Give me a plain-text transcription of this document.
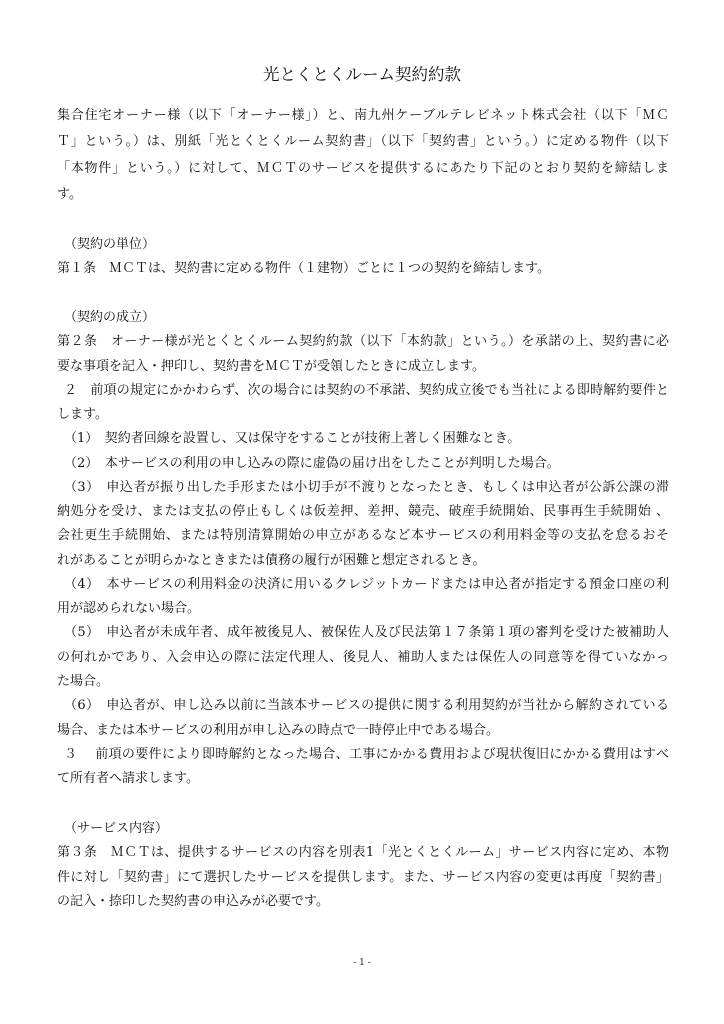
光とくとくルーム契約約款
集合住宅オーナー様（以下「オーナー様」）と、南九州ケーブルテレビネット株式会社（以下「ＭＣ
Ｔ」という。）は、別紙「光とくとくルーム契約書」（以下「契約書」という。）に定める物件（以下
「本物件」という。）に対して、ＭＣＴのサービスを提供するにあたり下記のとおり契約を締結しま
す。
（契約の単位）
第１条　ＭＣＴは、契約書に定める物件（１建物）ごとに１つの契約を締結します。
（契約の成立）
第２条　オーナー様が光とくとくルーム契約約款（以下「本約款」という。）を承諾の上、契約書に必
要な事項を記入・押印し、契約書をＭＣＴが受領したときに成立します。
２　前項の規定にかかわらず、次の場合には契約の不承諾、契約成立後でも当社による即時解約要件と
します。
（1）　契約者回線を設置し、又は保守をすることが技術上著しく困難なとき。
（2）　本サービスの利用の申し込みの際に虚偽の届け出をしたことが判明した場合。
（3）　申込者が振り出した手形または小切手が不渡りとなったとき、もしくは申込者が公訴公課の滞
納処分を受け、または支払の停止もしくは仮差押、差押、競売、破産手続開始、民事再生手続開始 、
会社更生手続開始、または特別清算開始の申立があるなど本サービスの利用料金等の支払を怠るおそ
れがあることが明らかなときまたは債務の履行が困難と想定されるとき。
（4）　本サービスの利用料金の決済に用いるクレジットカードまたは申込者が指定する預金口座の利
用が認められない場合。
（5）　申込者が未成年者、成年被後見人、被保佐人及び民法第１７条第１項の審判を受けた被補助人
の何れかであり、入会申込の際に法定代理人、後見人、補助人または保佐人の同意等を得ていなかっ
た場合。
（6）　申込者が、申し込み以前に当該本サービスの提供に関する利用契約が当社から解約されている
場合、または本サービスの利用が申し込みの時点で一時停止中である場合。
３　 前項の要件により即時解約となった場合、工事にかかる費用および現状復旧にかかる費用はすべ
て所有者へ請求します。
（サービス内容）
第３条　ＭＣＴは、提供するサービスの内容を別表1「光とくとくルーム」サービス内容に定め、本物
件に対し「契約書」にて選択したサービスを提供します。また、サービス内容の変更は再度「契約書」
の記入・捺印した契約書の申込みが必要です。
- 1 -
